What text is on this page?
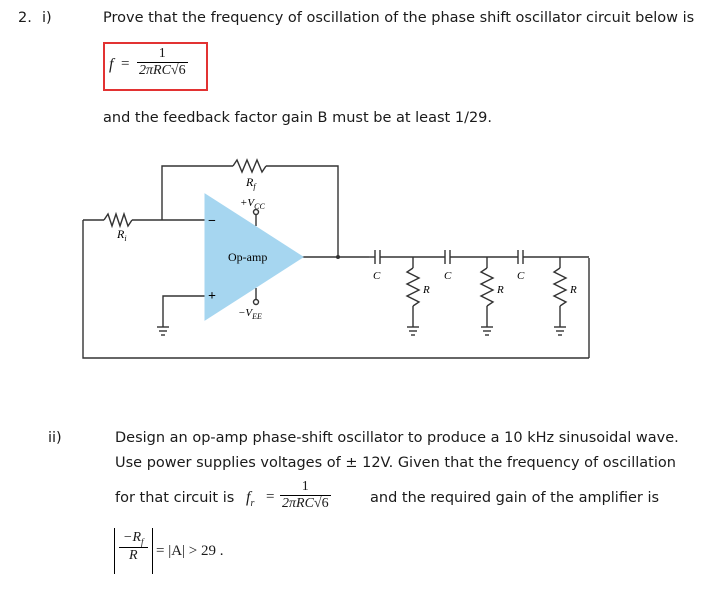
2. i)	Prove that the frequency of oscillation of the phase shift oscillator circuit below is
f =
1
2πRC√6
and the feedback factor gain B must be at least 1/29.
$R_f$
$+V_{CC}$
$R_i$
Op-amp
−
+
$-V_{EE}$
C	C	C
R	R	R
ii)	Design an op-amp phase-shift oscillator to produce a 10 kHz sinusoidal wave.
Use power supplies voltages of ± 12V. Given that the frequency of oscillation
for that circuit is $f_r$ =
1
2πRC√6	and the required gain of the amplifier is
$\frac{-R_f}{R} = |A| > 29$ .
